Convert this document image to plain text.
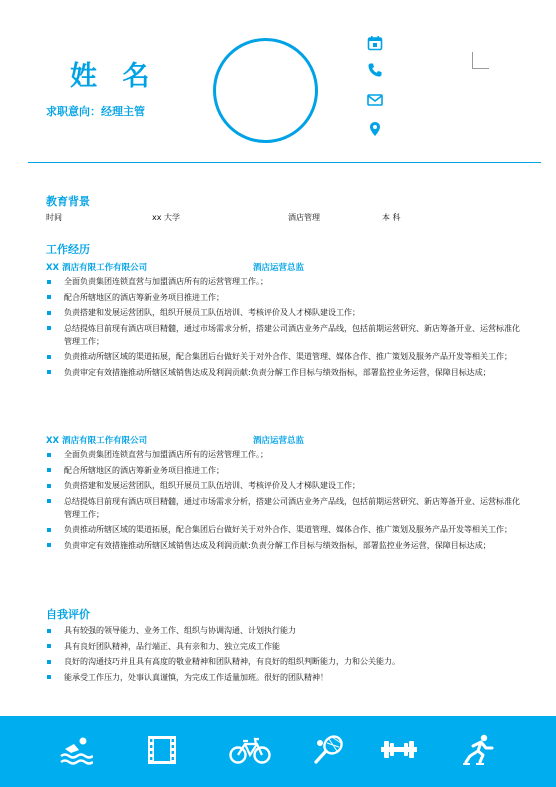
姓 名
求职意向：经理主管
教育背景
时间	xx 大学	酒店管理	本 科
工作经历
XX 酒店有限工作有限公司	酒店运营总监
全面负责集团连锁直营与加盟酒店所有的运营管理工作。；
配合所辖地区的酒店筹新业务项目推进工作；
负责搭建和发展运营团队，组织开展员工队伍培训、考核评价及人才梯队建设工作；
总结提炼目前现有酒店项目精髓，通过市场需求分析，搭建公司酒店业务产品线，包括前期运营研究、新店筹备开业、运营标准化管理工作；
负责推动所辖区域的渠道拓展，配合集团后台做好关于对外合作、渠道管理、媒体合作、推广策划及服务产品开发等相关工作；
负责审定有效措施推动所辖区域销售达成及利润贡献:负责分解工作目标与绩效指标，部署监控业务运营，保障目标达成；
XX 酒店有限工作有限公司	酒店运营总监
全面负责集团连锁直营与加盟酒店所有的运营管理工作。；
配合所辖地区的酒店筹新业务项目推进工作；
负责搭建和发展运营团队，组织开展员工队伍培训、考核评价及人才梯队建设工作；
总结提炼目前现有酒店项目精髓，通过市场需求分析，搭建公司酒店业务产品线，包括前期运营研究、新店筹备开业、运营标准化管理工作；
负责推动所辖区域的渠道拓展，配合集团后台做好关于对外合作、渠道管理、媒体合作、推广策划及服务产品开发等相关工作；
负责审定有效措施推动所辖区域销售达成及利润贡献:负责分解工作目标与绩效指标，部署监控业务运营，保障目标达成；
自我评价
具有较强的领导能力、业务工作、组织与协调沟通、计划执行能力
具有良好团队精神，品行端正、具有亲和力、独立完成工作能
良好的沟通技巧并且具有高度的敬业精神和团队精神，有良好的组织判断能力，力和公关能力。
能承受工作压力，处事认真谨慎，为完成工作适量加班。很好的团队精神！
